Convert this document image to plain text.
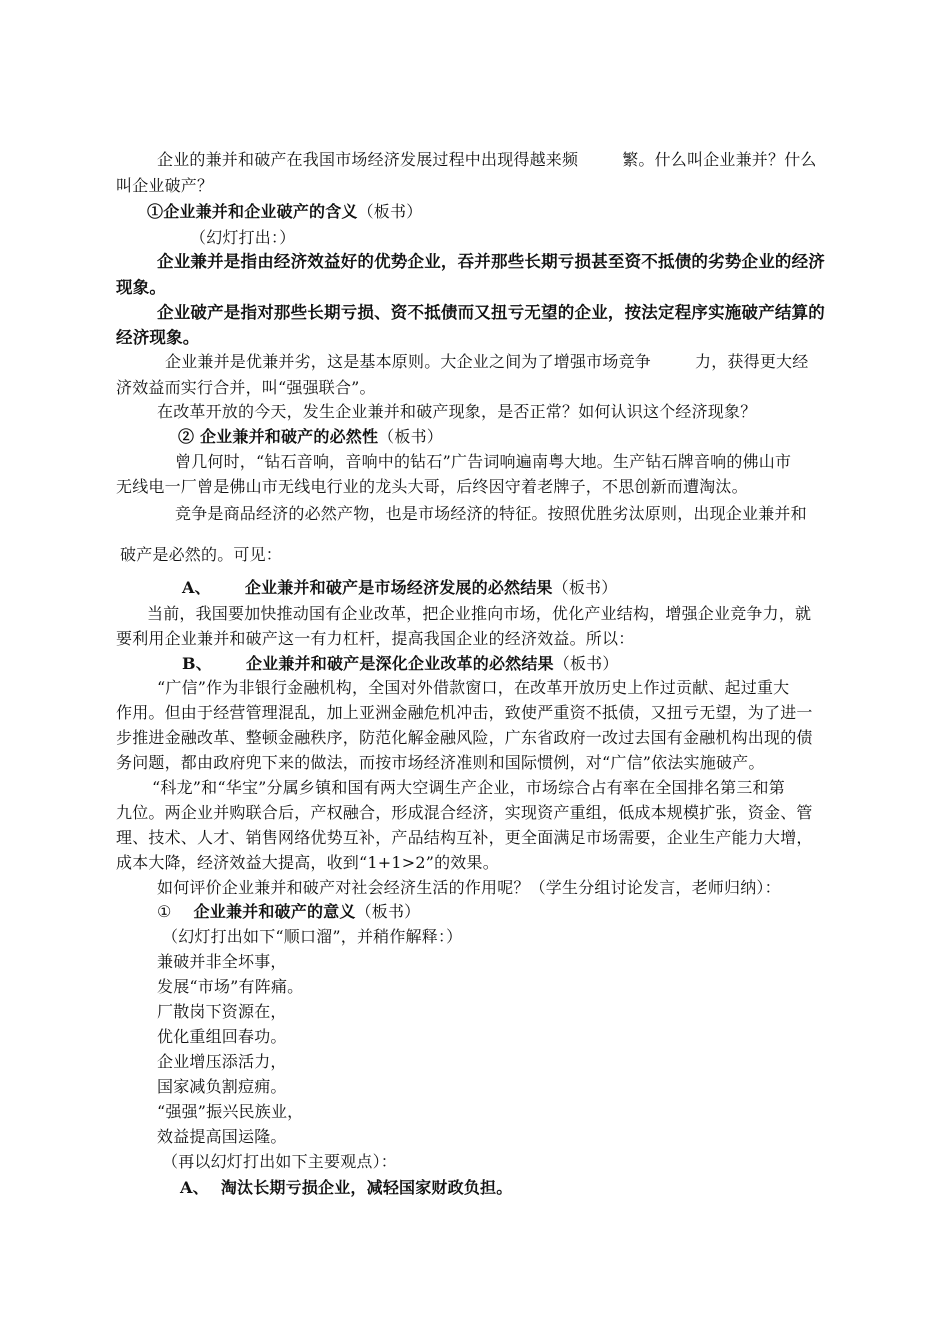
企业的兼并和破产在我国市场经济发展过程中出现得越来频	繁。什么叫企业兼并？什么
叫企业破产？
①企业兼并和企业破产的含义（板书）
（幻灯打出：）
企业兼并是指由经济效益好的优势企业，吞并那些长期亏损甚至资不抵债的劣势企业的经济
现象。
企业破产是指对那些长期亏损、资不抵债而又扭亏无望的企业，按法定程序实施破产结算的
经济现象。
企业兼并是优兼并劣，这是基本原则。大企业之间为了增强市场竞争	力，获得更大经
济效益而实行合并，叫“强强联合”。
在改革开放的今天，发生企业兼并和破产现象，是否正常？如何认识这个经济现象？
② 企业兼并和破产的必然性（板书）
曾几何时，“钻石音响，音响中的钻石”广告词响遍南粤大地。生产钻石牌音响的佛山市
无线电一厂曾是佛山市无线电行业的龙头大哥，后终因守着老牌子，不思创新而遭淘汰。
竞争是商品经济的必然产物，也是市场经济的特征。按照优胜劣汰原则，出现企业兼并和
破产是必然的。可见：
A、 企业兼并和破产是市场经济发展的必然结果（板书）
当前，我国要加快推动国有企业改革，把企业推向市场，优化产业结构，增强企业竞争力，就
要利用企业兼并和破产这一有力杠杆，提高我国企业的经济效益。所以：
B、 企业兼并和破产是深化企业改革的必然结果（板书）
“广信”作为非银行金融机构，全国对外借款窗口，在改革开放历史上作过贡献、起过重大
作用。但由于经营管理混乱，加上亚洲金融危机冲击，致使严重资不抵债，又扭亏无望，为了进一
步推进金融改革、整顿金融秩序，防范化解金融风险，广东省政府一改过去国有金融机构出现的债
务问题，都由政府兜下来的做法，而按市场经济准则和国际惯例，对“广信”依法实施破产。
“科龙”和“华宝”分属乡镇和国有两大空调生产企业，市场综合占有率在全国排名第三和第
九位。两企业并购联合后，产权融合，形成混合经济，实现资产重组，低成本规模扩张，资金、管
理、技术、人才、销售网络优势互补，产品结构互补，更全面满足市场需要，企业生产能力大增，
成本大降，经济效益大提高，收到“1+1>2”的效果。
如何评价企业兼并和破产对社会经济生活的作用呢？（学生分组讨论发言，老师归纳）：
① 企业兼并和破产的意义（板书）
（幻灯打出如下“顺口溜”，并稍作解释：）
兼破并非全坏事，
发展“市场”有阵痛。
厂散岗下资源在，
优化重组回春功。
企业增压添活力，
国家减负割痘痈。
“强强”振兴民族业，
效益提高国运隆。
（再以幻灯打出如下主要观点）：
A、 淘汰长期亏损企业，减轻国家财政负担。
